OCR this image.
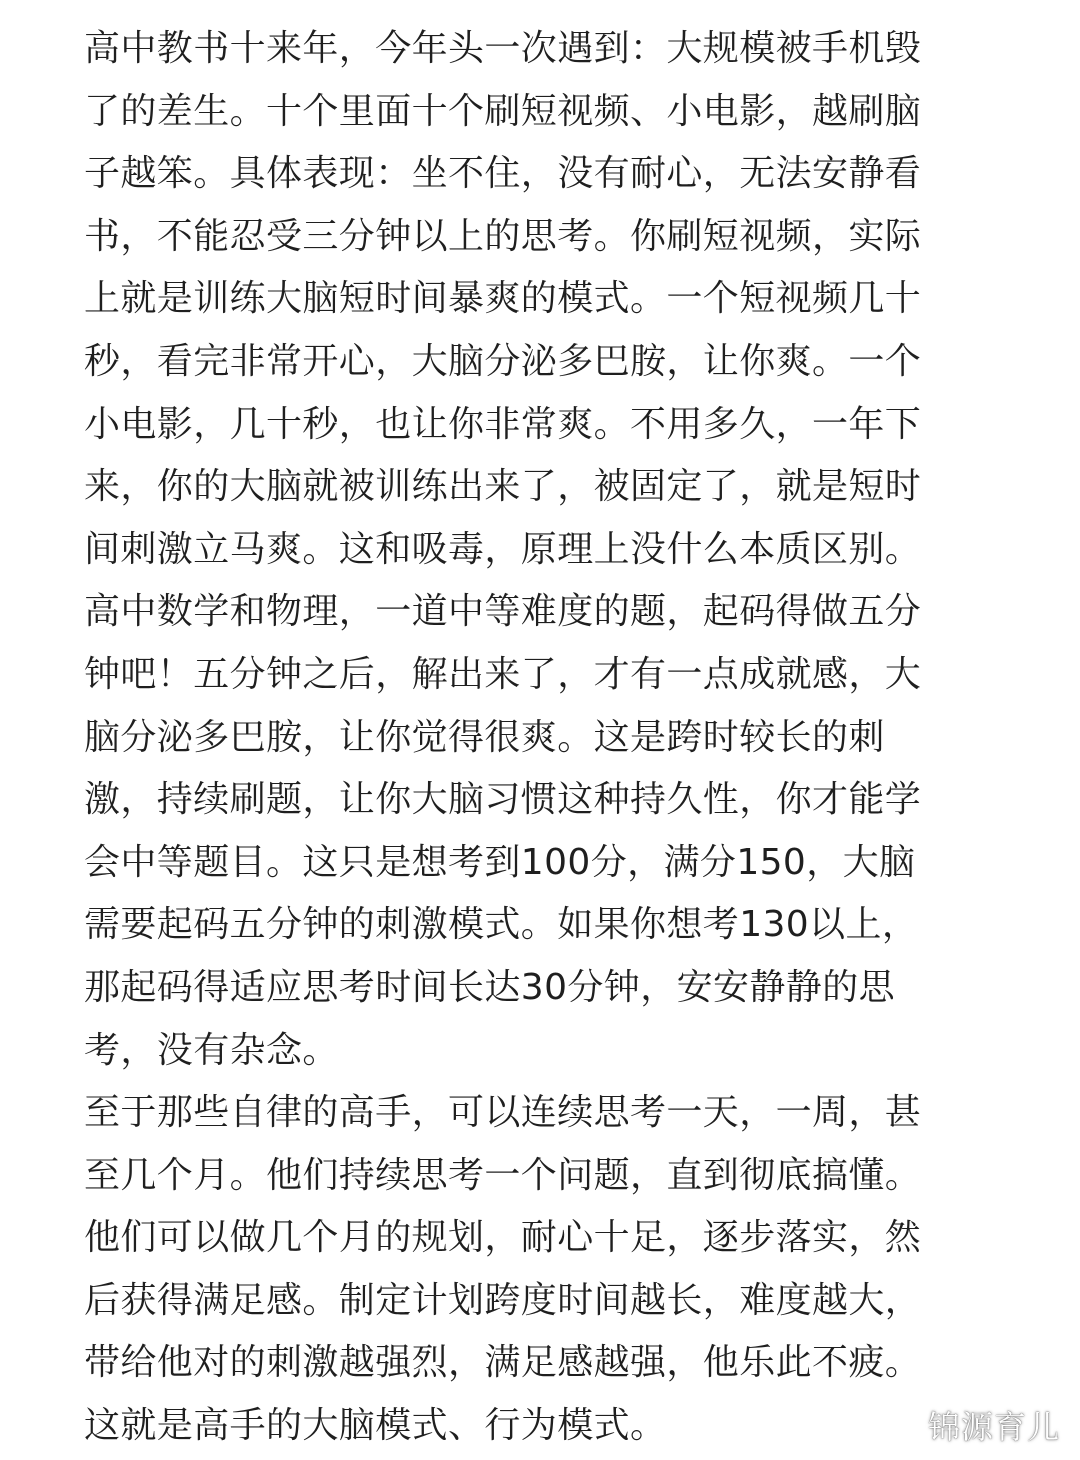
高中教书十来年，今年头一次遇到：大规模被手机毁
了的差生。十个里面十个刷短视频、小电影，越刷脑
子越笨。具体表现：坐不住，没有耐心，无法安静看
书，不能忍受三分钟以上的思考。你刷短视频，实际
上就是训练大脑短时间暴爽的模式。一个短视频几十
秒，看完非常开心，大脑分泌多巴胺，让你爽。一个
小电影，几十秒，也让你非常爽。不用多久，一年下
来，你的大脑就被训练出来了，被固定了，就是短时
间刺激立马爽。这和吸毒，原理上没什么本质区别。
高中数学和物理，一道中等难度的题，起码得做五分
钟吧！五分钟之后，解出来了，才有一点成就感，大
脑分泌多巴胺，让你觉得很爽。这是跨时较长的刺
激，持续刷题，让你大脑习惯这种持久性，你才能学
会中等题目。这只是想考到100分，满分150，大脑
需要起码五分钟的刺激模式。如果你想考130以上，
那起码得适应思考时间长达30分钟，安安静静的思
考，没有杂念。
至于那些自律的高手，可以连续思考一天，一周，甚
至几个月。他们持续思考一个问题，直到彻底搞懂。
他们可以做几个月的规划，耐心十足，逐步落实，然
后获得满足感。制定计划跨度时间越长，难度越大，
带给他对的刺激越强烈，满足感越强，他乐此不疲。
这就是高手的大脑模式、行为模式。	锦源育儿
